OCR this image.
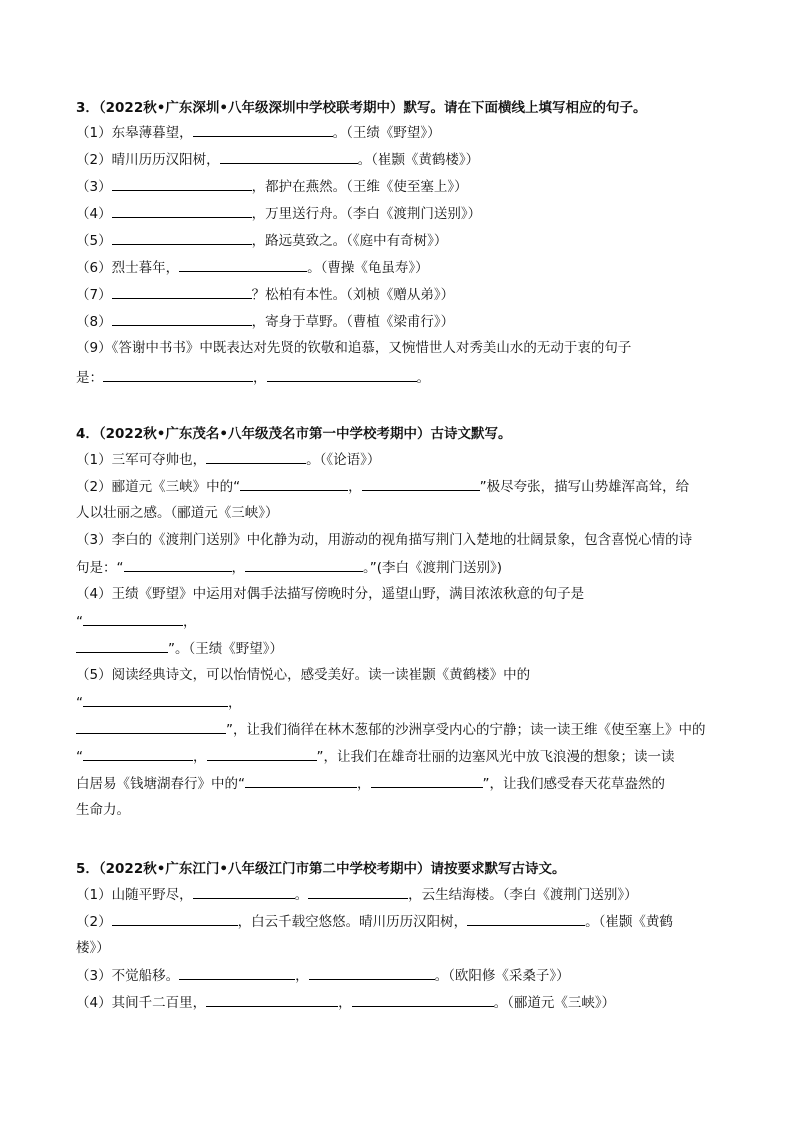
3．（2022秋•广东深圳•八年级深圳中学校联考期中）默写。请在下面横线上填写相应的句子。
（1）东皋薄暮望，	。（王绩《野望》）
（2）晴川历历汉阳树，	。（崔颢《黄鹤楼》）
（3）	，都护在燕然。（王维《使至塞上》）
（4）	，万里送行舟。（李白《渡荆门送别》）
（5）	，路远莫致之。（《庭中有奇树》）
（6）烈士暮年，	。（曹操《龟虽寿》）
（7）	？松柏有本性。（刘桢《赠从弟》）
（8）	，寄身于草野。（曹植《梁甫行》）
（9）《答谢中书书》中既表达对先贤的钦敬和追慕，又惋惜世人对秀美山水的无动于衷的句子
是：	，	。
4．（2022秋•广东茂名•八年级茂名市第一中学校考期中）古诗文默写。
（1）三军可夺帅也，	。（《论语》）
（2）郦道元《三峡》中的“	，	”极尽夸张，描写山势雄浑高耸，给
人以壮丽之感。（郦道元《三峡》）
（3）李白的《渡荆门送别》中化静为动，用游动的视角描写荆门入楚地的壮阔景象，包含喜悦心情的诗
句是：“	，	。”(李白《渡荆门送别》)
（4）王绩《野望》中运用对偶手法描写傍晚时分，遥望山野，满目浓浓秋意的句子是
“	，
”。（王绩《野望》）
（5）阅读经典诗文，可以怡情悦心，感受美好。读一读崔颢《黄鹤楼》中的
“	，
”，让我们徜徉在林木葱郁的沙洲享受内心的宁静；读一读王维《使至塞上》中的
“	，	”，让我们在雄奇壮丽的边塞风光中放飞浪漫的想象；读一读
白居易《钱塘湖春行》中的“	，	”，让我们感受春天花草盎然的
生命力。
5．（2022秋•广东江门•八年级江门市第二中学校考期中）请按要求默写古诗文。
（1）山随平野尽，	。	，云生结海楼。（李白《渡荆门送别》）
（2）	，白云千载空悠悠。晴川历历汉阳树，	。（崔颢《黄鹤
楼》）
（3）不觉船移。	，	。（欧阳修《采桑子》）
（4）其间千二百里，	，	。（郦道元《三峡》）
